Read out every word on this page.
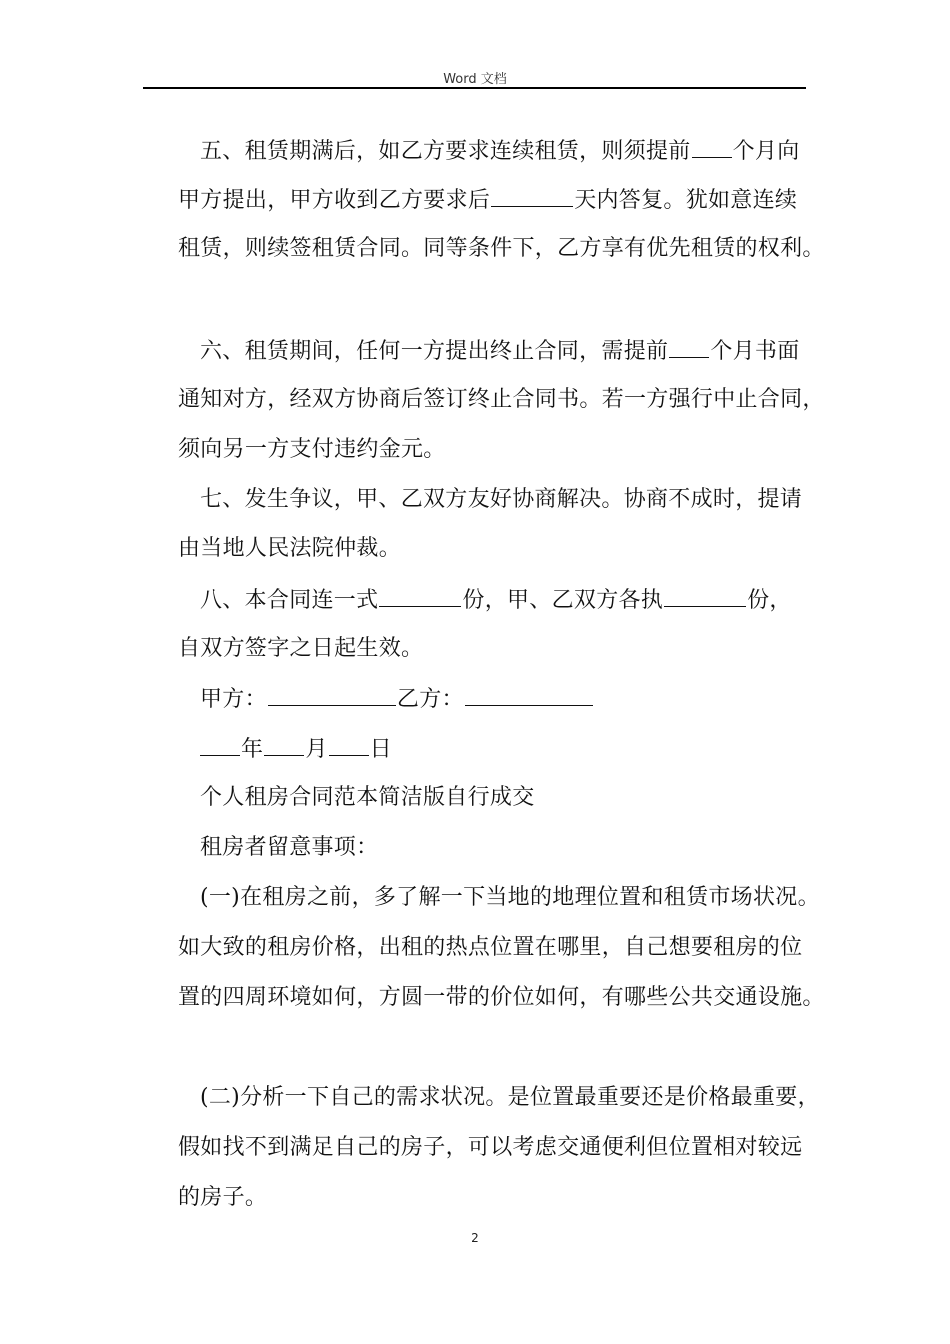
Word 文档
五、租赁期满后，如乙方要求连续租赁，则须提前 个月向
甲方提出，甲方收到乙方要求后	天内答复。犹如意连续
租赁，则续签租赁合同。同等条件下，乙方享有优先租赁的权利。
六、租赁期间，任何一方提出终止合同，需提前 个月书面
通知对方，经双方协商后签订终止合同书。若一方强行中止合同，
须向另一方支付违约金元。
七、发生争议，甲、乙双方友好协商解决。协商不成时，提请
由当地人民法院仲裁。
八、本合同连一式	份，甲、乙双方各执	份，
自双方签字之日起生效。
甲方：	乙方：
年 月 日
个人租房合同范本简洁版自行成交
租房者留意事项：
(一)在租房之前，多了解一下当地的地理位置和租赁市场状况。
如大致的租房价格，出租的热点位置在哪里，自己想要租房的位
置的四周环境如何，方圆一带的价位如何，有哪些公共交通设施。
(二)分析一下自己的需求状况。是位置最重要还是价格最重要，
假如找不到满足自己的房子，可以考虑交通便利但位置相对较远
的房子。
2
